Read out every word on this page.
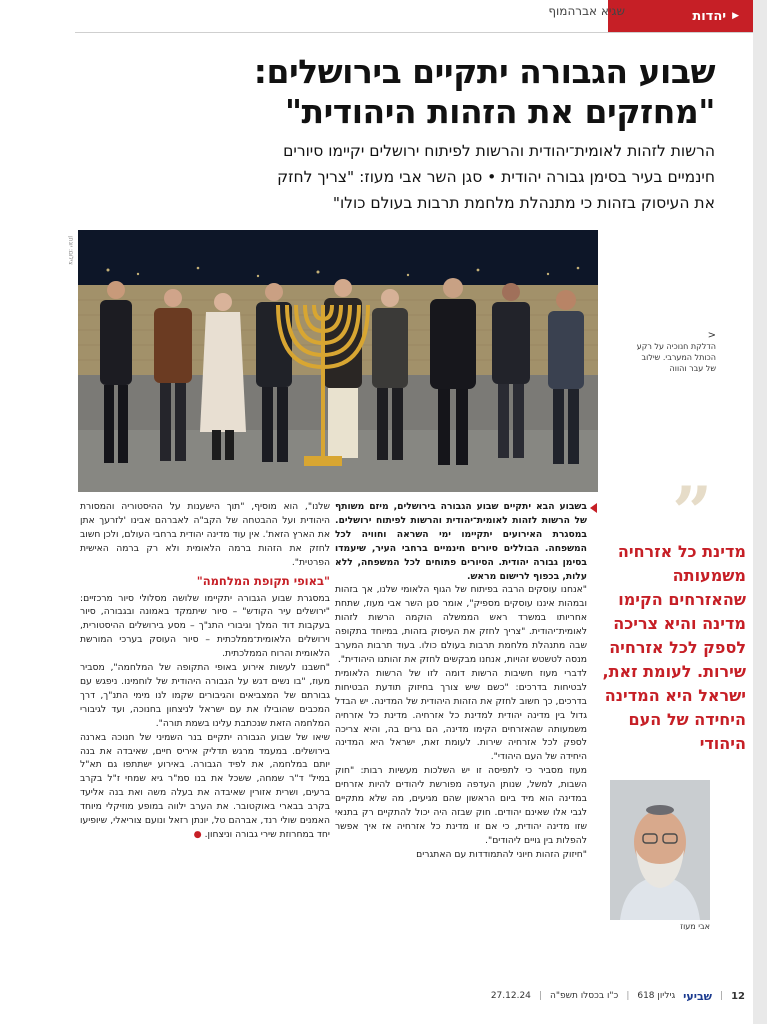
▶
יהדות
שגיא אברהמוף
שבוע הגבורה יתקיים בירושלים:
"מחזקים את הזהות היהודית"
הרשות לזהות לאומית־יהודית והרשות לפיתוח ירושלים יקיימו סיורים
חינמיים בעיר בסימן גבורה יהודית • סגן השר אבי מעוז: "צריך לחזק
את העיסוק בזהות כי מתנהלת מלחמת תרבות בעולם כולו"
צילום: יונתן
<
הדלקת חנוכיה על רקע
הכותל המערבי. שילוב
של עבר והווה
”
מדינת כל אזרחיה משמעותה שהאזרחים הקימו מדינה והיא צריכה לספק לכל אזרחיה שירות. לעומת זאת, ישראל היא המדינה היחידה של העם היהודי
אבי מעוז

בשבוע הבא יתקיים שבוע הגבורה בירושלים, מיזם משותף של הרשות לזהות לאומית־יהודית והרשות לפיתוח ירושלים. במסגרת האירועים יתקיימו ימי השראה וחוויה לכל המשפחה. הבוללים סיורים חינמיים ברחבי העיר, שיעמדו בסימן גבורה יהודית. הסיורים פתוחים לכל המשפחה, ללא עלות, בכפוף לרישום מראש.

"אנחנו עוסקים הרבה בפיתוח של הגוף הלאומי שלנו, אך בזהות ובמהות איננו עוסקים מספיק", אומר סגן השר אבי מעוז, שתחת אחריותו במשרד ראש הממשלה הוקמה הרשות לזהות לאומית־יהודית. "צריך לחזק את העיסוק בזהות, במיוחד בתקופה שבה מתנהלת מלחמת תרבות בעולם כולו. בעוד תרבות המערב מנסה לטשטש זהויות, אנחנו מבקשים לחזק את זהותנו היהודית".

לדברי מעוז חשיבות הרשות דומה לזו של הרשות הלאומית לבטיחות בדרכים: "כשם שיש צורך בחיזוק תודעת הבטיחות בדרכים, כך חשוב לחזק את הזהות היהודית של המדינה. יש הבדל גדול בין מדינה יהודית למדינת כל אזרחיה. מדינת כל אזרחיה משמעותה שהאזרחים הקימו מדינה, הם גרים בה, והיא צריכה לספק לכל אזרחיה שירות. לעומת זאת, ישראל היא המדינה היחידה של העם היהודי".

מעוז מסביר כי לתפיסה זו יש השלכות מעשיות רבות: "חוק השבות, למשל, שנותן העדפה מפורשת ליהודים להיות אזרחים במדינה הוא מיד ביום הראשון שהם מגיעים, מה שלא מתקיים לגבי אלו שאינם יהודים. חוק שבזה היה יכול להתקיים רק בתנאי שזו מדינה יהודית, כי אם זו מדינת כל אזרחיה אז איך אפשר להפלות בין גויים ליהודים".

"חיזוק הזהות חיוני להתמודדות עם האתגרים

שלנו", הוא מוסיף, "תוך הישענות על ההיסטוריה והמסורת היהודית ועל ההבטחה של הקב"ה לאברהם אבינו 'לזרעך אתן את הארץ הזאת'. אין עוד מדינה יהודית ברחבי העולם, ולכן חשוב לחזק את הזהות ברמה הלאומית ולא רק ברמה האישית הפרטית".

"באופי תקופת המלחמה"

במסגרת שבוע הגבורה יתקיימו שלושה מסלולי סיור מרכזיים: "ירושלים עיר הקודש" – סיור שיתמקד באמונה ובגבורה, סיור בעקבות דוד המלך וגיבורי התנ"ך – מסע בירושלים ההיסטורית, וירושלים הלאומית־ממלכתית – סיור העוסק בערכי המורשת הלאומית והרוח הממלכתית.

"חשבנו לעשות אירוע באופי התקופה של המלחמה", מסביר מעוז, "בו נשים דגש על הגבורה היהודית של לוחמינו. ניפגש עם גבורתם של המצביאים והגיבורים שקמו לנו מימי התנ"ך, דרך המכבים שהובילו את עם ישראל לניצחון בחנוכה, ועד לגיבורי המלחמה הזאת שנכתבת עלינו בשמת תורה".

שיאו של שבוע הגבורה יתקיים בנר השמיני של חנוכה בארנה בירושלים. במעמד מרגש תדליק איריס חיים, שאיבדה את בנה יותם במלחמה, את לפיד הגבורה. באירוע ישתתפו גם תא"ל במיל' ד"ר שמחה, ששכל את בנו סמ"ר גיא שמחי ז"ל בקרב ברעים, ושרית אזורין שאיבדה את בעלה משה ואת בנה אליעד בקרב בבארי באוקטובר. את הערב ילווה במופע מוזיקלי מיוחד האמנים שולי רנד, אברהם טל, יונתן רזאל ונועם צוריאלי, שיופיעו יחד במחרוזת שירי גבורה וניצחון. ●

12
|
שביעי
גיליון 618
|
כ"ו בכסלו תשפ"ה
|
27.12.24
